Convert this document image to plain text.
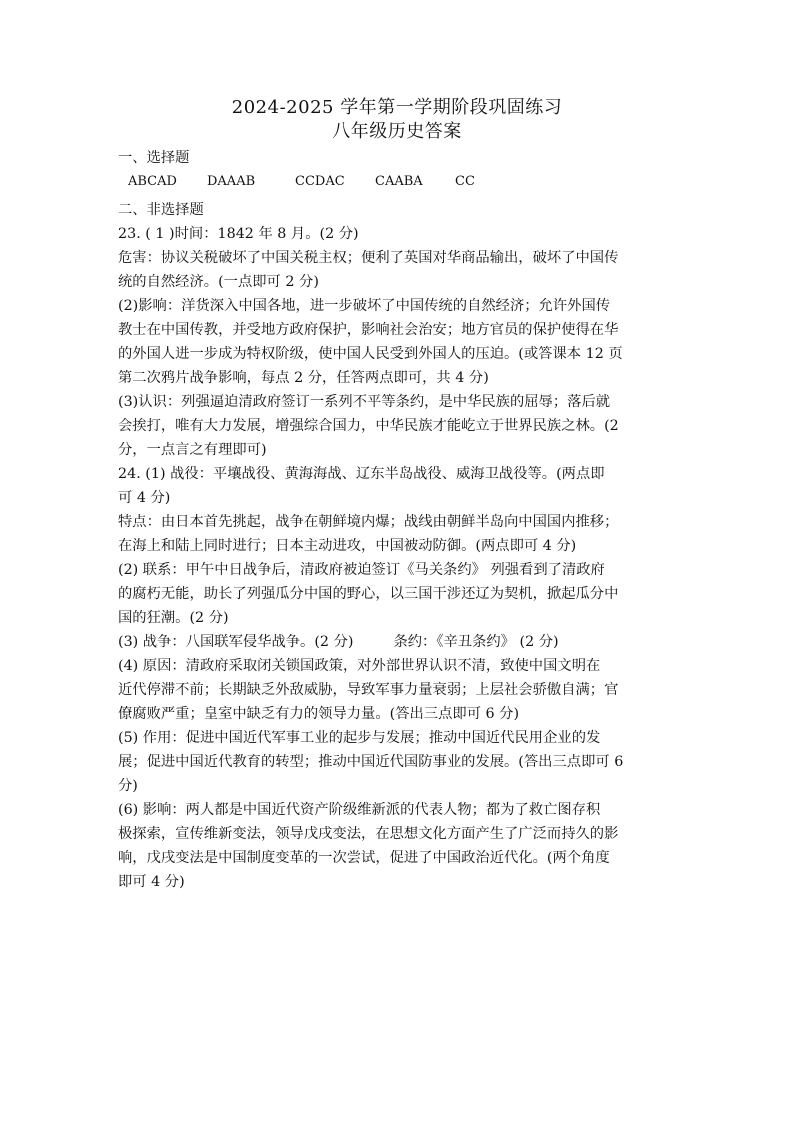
2024-2025 学年第一学期阶段巩固练习
八年级历史答案
一、选择题
ABCAD	DAAAB	CCDAC	CAABA	CC
二、非选择题
23. ( 1 )时间：1842 年 8 月。(2 分)
危害：协议关税破坏了中国关税主权；便利了英国对华商品输出，破坏了中国传
统的自然经济。(一点即可 2 分)
(2)影响：洋货深入中国各地，进一步破坏了中国传统的自然经济；允许外国传
教士在中国传教，并受地方政府保护，影响社会治安；地方官员的保护使得在华
的外国人进一步成为特权阶级，使中国人民受到外国人的压迫。(或答课本 12 页
第二次鸦片战争影响，每点 2 分，任答两点即可，共 4 分)
(3)认识：列强逼迫清政府签订一系列不平等条约，是中华民族的屈辱；落后就
会挨打，唯有大力发展，增强综合国力，中华民族才能屹立于世界民族之林。(2
分，一点言之有理即可)
24. (1) 战役：平壤战役、黄海海战、辽东半岛战役、威海卫战役等。(两点即
可 4 分)
特点：由日本首先挑起，战争在朝鲜境内爆；战线由朝鲜半岛向中国国内推移；
在海上和陆上同时进行；日本主动进攻，中国被动防御。(两点即可 4 分)
(2) 联系：甲午中日战争后，清政府被迫签订《马关条约》 列强看到了清政府
的腐朽无能，助长了列强瓜分中国的野心，以三国干涉还辽为契机，掀起瓜分中
国的狂潮。(2 分)
(3) 战争：八国联军侵华战争。(2 分)	条约：《辛丑条约》 (2 分)
(4) 原因：清政府采取闭关锁国政策，对外部世界认识不清，致使中国文明在
近代停滞不前；长期缺乏外敌威胁，导致军事力量衰弱；上层社会骄傲自满；官
僚腐败严重；皇室中缺乏有力的领导力量。(答出三点即可 6 分)
(5) 作用：促进中国近代军事工业的起步与发展；推动中国近代民用企业的发
展；促进中国近代教育的转型；推动中国近代国防事业的发展。(答出三点即可 6
分)
(6) 影响：两人都是中国近代资产阶级维新派的代表人物；都为了救亡图存积
极探索，宣传维新变法，领导戊戌变法，在思想文化方面产生了广泛而持久的影
响，戊戌变法是中国制度变革的一次尝试，促进了中国政治近代化。(两个角度
即可 4 分)
